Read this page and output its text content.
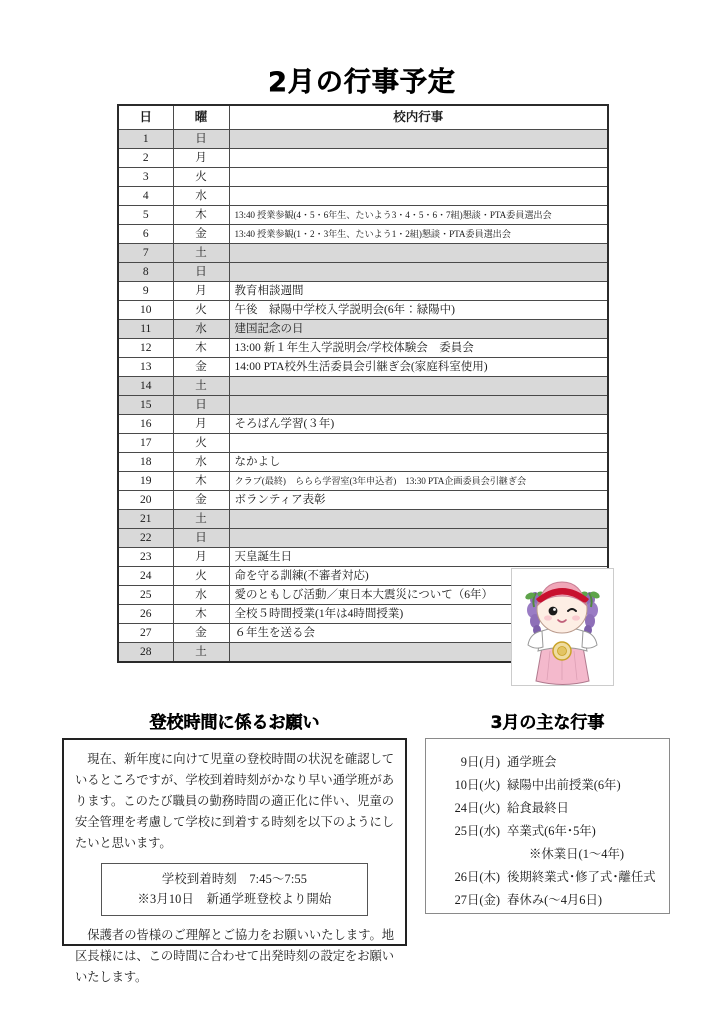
2月の行事予定
日	曜	校内行事
1	日	
2	月	
3	火	
4	水	
5	木	13:40 授業参観(4・5・6年生、たいよう3・4・5・6・7組)懇談・PTA委員選出会
6	金	13:40 授業参観(1・2・3年生、たいよう1・2組)懇談・PTA委員選出会
7	土	
8	日	
9	月	教育相談週間
10	火	午後　緑陽中学校入学説明会(6年：緑陽中)
11	水	建国記念の日
12	木	13:00 新１年生入学説明会/学校体験会　委員会
13	金	14:00 PTA校外生活委員会引継ぎ会(家庭科室使用)
14	土	
15	日	
16	月	そろばん学習(３年)
17	火	
18	水	なかよし
19	木	クラブ(最終)　ららら学習室(3年申込者)　13:30 PTA企画委員会引継ぎ会
20	金	ボランティア表彰
21	土	
22	日	
23	月	天皇誕生日
24	火	命を守る訓練(不審者対応)
25	水	愛のともしび活動／東日本大震災について（6年）
26	木	全校５時間授業(1年は4時間授業)
27	金	６年生を送る会
28	土	
登校時間に係るお願い

現在、新年度に向けて児童の登校時間の状況を確認しているところですが、学校到着時刻がかなり早い通学班があります。このたび職員の勤務時間の適正化に伴い、児童の安全管理を考慮して学校に到着する時刻を以下のようにしたいと思います。

学校到着時刻　7:45〜7:55
※3月10日　新通学班登校より開始

保護者の皆様のご理解とご協力をお願いいたします。地区長様には、この時間に合わせて出発時刻の設定をお願いいたします。

3月の主な行事
9日(月) 通学班会
10日(火) 緑陽中出前授業(6年)
24日(火) 給食最終日
25日(水) 卒業式(6年･5年)
※休業日(1〜4年)
26日(木) 後期終業式･修了式･離任式
27日(金) 春休み(〜4月6日)
